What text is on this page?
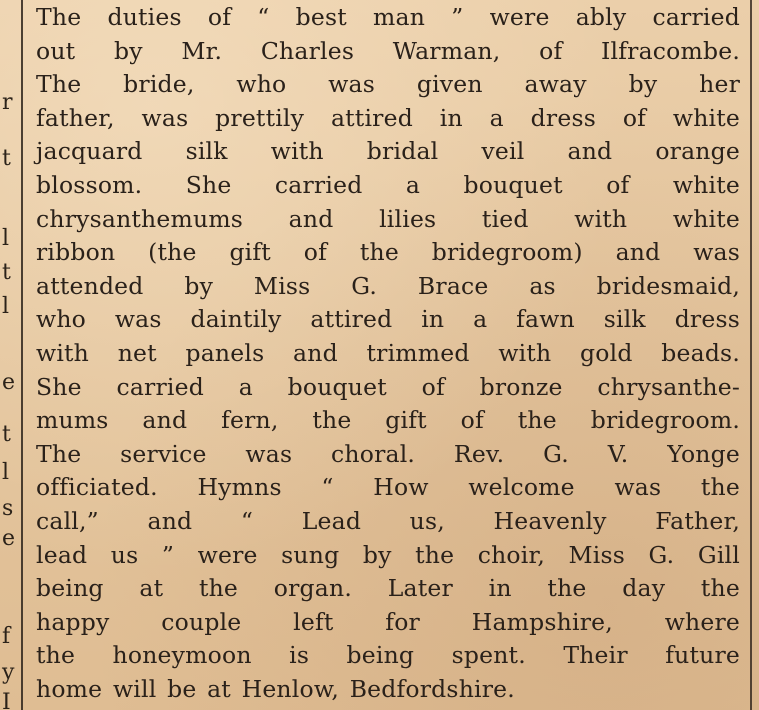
r
t
l
t
l
e
t
l
s
e
f
y
I
The duties of “ best man ” were ably carried
out by Mr. Charles Warman, of Ilfracombe.
The bride, who was given away by her
father, was prettily attired in a dress of white
jacquard silk with bridal veil and orange
blossom. She carried a bouquet of white
chrysanthemums and lilies tied with white
ribbon (the gift of the bridegroom) and was
attended by Miss G. Brace as bridesmaid,
who was daintily attired in a fawn silk dress
with net panels and trimmed with gold beads.
She carried a bouquet of bronze chrysanthe-
mums and fern, the gift of the bridegroom.
The service was choral. Rev. G. V. Yonge
officiated. Hymns “ How welcome was the
call,” and “ Lead us, Heavenly Father,
lead us ” were sung by the choir, Miss G. Gill
being at the organ. Later in the day the
happy couple left for Hampshire, where
the honeymoon is being spent. Their future
home will be at Henlow, Bedfordshire.
